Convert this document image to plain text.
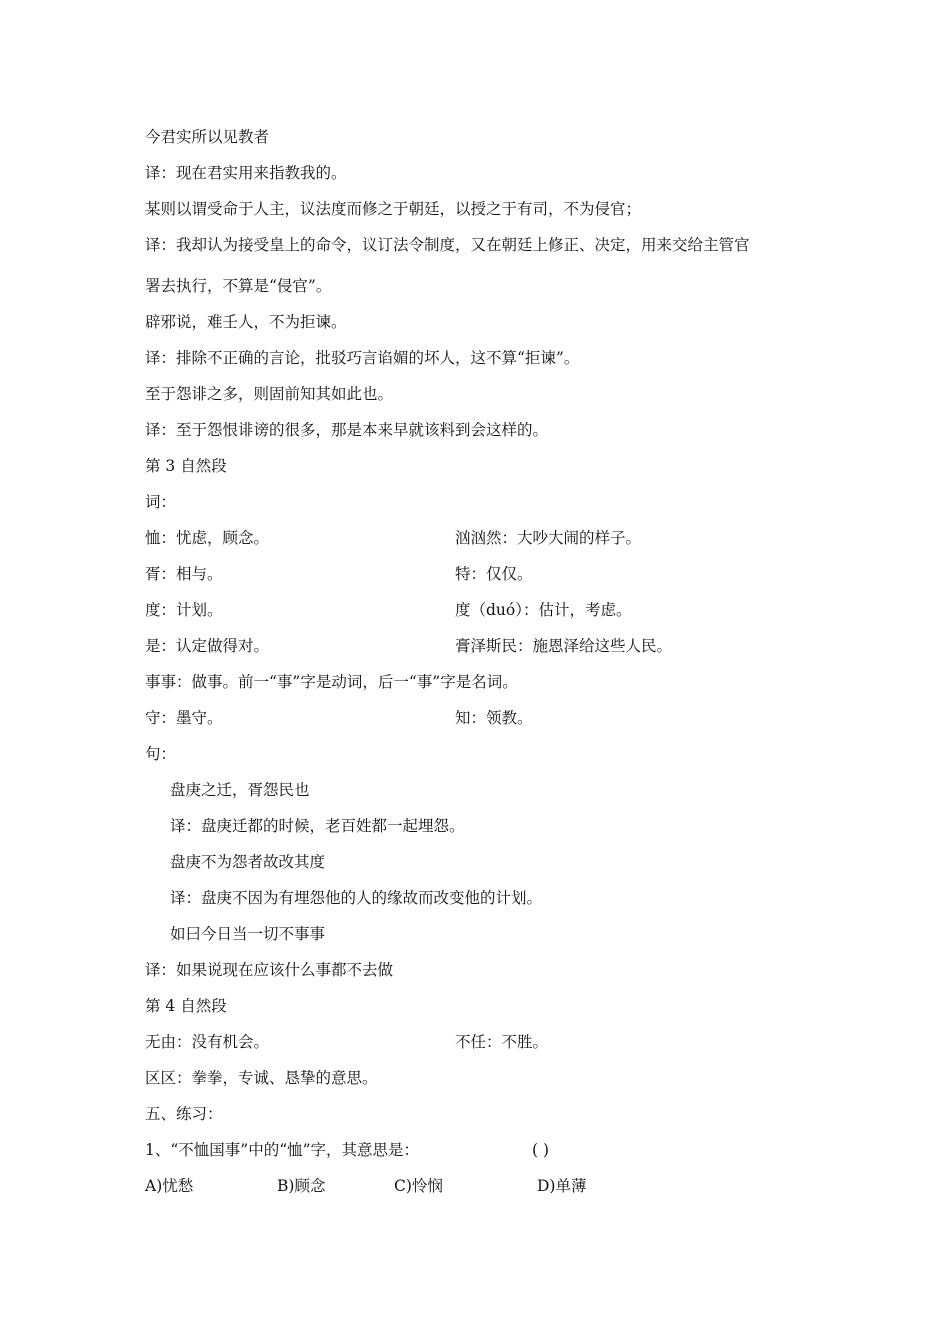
今君实所以见教者
译：现在君实用来指教我的。
某则以谓受命于人主，议法度而修之于朝廷，以授之于有司，不为侵官；
译：我却认为接受皇上的命令，议订法令制度，又在朝廷上修正、决定，用来交给主管官
署去执行，不算是“侵官”。
辟邪说，难壬人，不为拒谏。
译：排除不正确的言论，批驳巧言谄媚的坏人，这不算“拒谏”。
至于怨诽之多，则固前知其如此也。
译：至于怨恨诽谤的很多，那是本来早就该料到会这样的。
第 3 自然段
词：
恤：忧虑，顾念。	汹汹然：大吵大闹的样子。
胥：相与。	特：仅仅。
度：计划。	度（duó）：估计，考虑。
是：认定做得对。	膏泽斯民：施恩泽给这些人民。
事事：做事。前一“事”字是动词，后一“事”字是名词。
守：墨守。	知：领教。
句：
盘庚之迁，胥怨民也
译：盘庚迁都的时候，老百姓都一起埋怨。
盘庚不为怨者故改其度
译：盘庚不因为有埋怨他的人的缘故而改变他的计划。
如曰今日当一切不事事
译：如果说现在应该什么事都不去做
第 4 自然段
无由：没有机会。	不任：不胜。
区区：拳拳，专诚、恳挚的意思。
五、练习：
1、“不恤国事”中的“恤”字，其意思是：	( )
A)忧愁	B)顾念	C)怜悯	D)单薄
